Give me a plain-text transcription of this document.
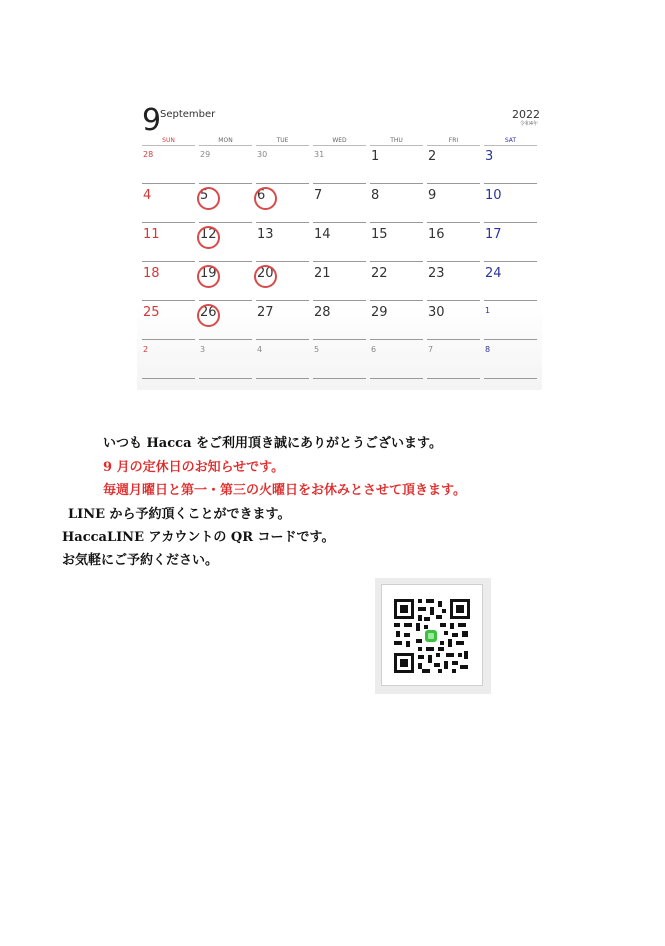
9
September	2022
令和4年
SUN	MON	TUE	WED	THU	FRI	SAT
28	29	30	31	1	2	3
4	5	6	7	8	9	10
11	12	13	14	15	16	17
18	19	20	21	22	23	24
25	26	27	28	29	30	1
2	3	4	5	6	7	8
いつも Hacca をご利用頂き誠にありがとうございます。
9 月の定休日のお知らせです。
毎週月曜日と第一・第三の火曜日をお休みとさせて頂きます。
LINE から予約頂くことができます。
HaccaLINE アカウントの QR コードです。
お気軽にご予約ください。
